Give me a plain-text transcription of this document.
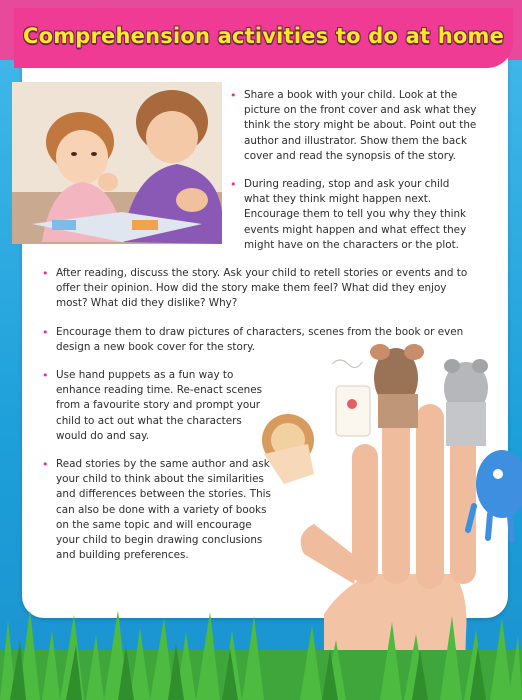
Comprehension activities to do at home

• Share a book with your child. Look at the picture on the front cover and ask what they think the story might be about. Point out the author and illustrator. Show them the back cover and read the synopsis of the story.

• During reading, stop and ask your child what they think might happen next. Encourage them to tell you why they think events might happen and what effect they might have on the characters or the plot.

• After reading, discuss the story. Ask your child to retell stories or events and to offer their opinion. How did the story make them feel? What did they enjoy most? What did they dislike? Why?

• Encourage them to draw pictures of characters, scenes from the book or even design a new book cover for the story.

• Use hand puppets as a fun way to enhance reading time. Re-enact scenes from a favourite story and prompt your child to act out what the characters would do and say.

• Read stories by the same author and ask your child to think about the similarities and differences between the stories. This can also be done with a variety of books on the same topic and will encourage your child to begin drawing conclusions and building preferences.
